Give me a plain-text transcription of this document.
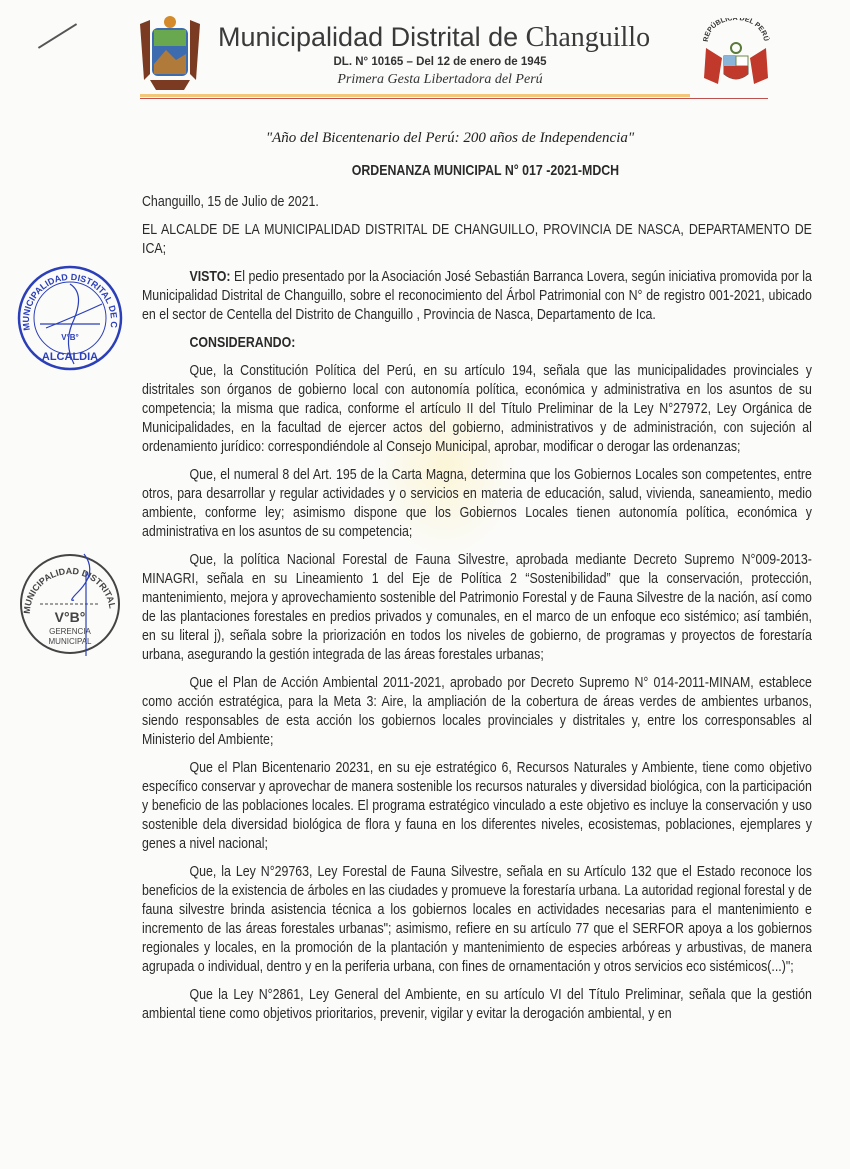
Municipalidad Distrital de Changuillo
DL. N° 10165 – Del 12 de enero de 1945
Primera Gesta Libertadora del Perú
REPÚBLICA DEL PERÚ
"Año del Bicentenario del Perú: 200 años de Independencia"

ORDENANZA MUNICIPAL N° 017 -2021-MDCH

Changuillo, 15 de Julio de 2021.

EL ALCALDE DE LA MUNICIPALIDAD DISTRITAL DE CHANGUILLO, PROVINCIA DE NASCA, DEPARTAMENTO DE ICA;

VISTO: El pedio presentado por la Asociación José Sebastián Barranca Lovera, según iniciativa promovida por la Municipalidad Distrital de Changuillo, sobre el reconocimiento del Árbol Patrimonial con N° de registro 001-2021, ubicado en el sector de Centella del Distrito de Changuillo , Provincia de Nasca, Departamento de Ica.

CONSIDERANDO:

Que, la Constitución Política del Perú, en su artículo 194, señala que las municipalidades provinciales y distritales son órganos de gobierno local con autonomía política, económica y administrativa en los asuntos de su competencia; la misma que radica, conforme el artículo II del Título Preliminar de la Ley N°27972, Ley Orgánica de Municipalidades, en la facultad de ejercer actos del gobierno, administrativos y de administración, con sujeción al ordenamiento jurídico: correspondiéndole al Consejo Municipal, aprobar, modificar o derogar las ordenanzas;

Que, el numeral 8 del Art. 195 de la Carta Magna, determina que los Gobiernos Locales son competentes, entre otros, para desarrollar y regular actividades y o servicios en materia de educación, salud, vivienda, saneamiento, medio ambiente, conforme ley; asimismo dispone que los Gobiernos Locales tienen autonomía política, económica y administrativa en los asuntos de su competencia;

Que, la política Nacional Forestal de Fauna Silvestre, aprobada mediante Decreto Supremo N°009-2013-MINAGRI, señala en su Lineamiento 1 del Eje de Política 2 “Sostenibilidad” que la conservación, protección, mantenimiento, mejora y aprovechamiento sostenible del Patrimonio Forestal y de Fauna Silvestre de la nación, así como de las plantaciones forestales en predios privados y comunales, en el marco de un enfoque eco sistémico; así también, en su literal j), señala sobre la priorización en todos los niveles de gobierno, de programas y proyectos de forestaría urbana, asegurando la gestión integrada de las áreas forestales urbanas;

Que el Plan de Acción Ambiental 2011-2021, aprobado por Decreto Supremo N° 014-2011-MINAM, establece como acción estratégica, para la Meta 3: Aire, la ampliación de la cobertura de áreas verdes de ambientes urbanos, siendo responsables de esta acción los gobiernos locales provinciales y distritales y, entre los corresponsables al Ministerio del Ambiente;

Que el Plan Bicentenario 20231, en su eje estratégico 6, Recursos Naturales y Ambiente, tiene como objetivo específico conservar y aprovechar de manera sostenible los recursos naturales y diversidad biológica, con la participación y beneficio de las poblaciones locales. El programa estratégico vinculado a este objetivo es incluye la conservación y uso sostenible dela diversidad biológica de flora y fauna en los diferentes niveles, ecosistemas, poblaciones, ejemplares y genes a nivel nacional;

Que, la Ley N°29763, Ley Forestal de Fauna Silvestre, señala en su Artículo 132 que el Estado reconoce los beneficios de la existencia de árboles en las ciudades y promueve la forestaría urbana. La autoridad regional forestal y de fauna silvestre brinda asistencia técnica a los gobiernos locales en actividades necesarias para el mantenimiento e incremento de las áreas forestales urbanas"; asimismo, refiere en su artículo 77 que el SERFOR apoya a los gobiernos regionales y locales, en la promoción de la plantación y mantenimiento de especies arbóreas y arbustivas, de manera agrupada o individual, dentro y en la periferia urbana, con fines de ornamentación y otros servicios eco sistémicos(...)";

Que la Ley N°2861, Ley General del Ambiente, en su artículo VI del Título Preliminar, señala que la gestión ambiental tiene como objetivos prioritarios, prevenir, vigilar y evitar la derogación ambiental, y en

MUNICIPALIDAD DISTRITAL DE C
V°B°
ALCALDIA
MUNICIPALIDAD DISTRITAL
V°B°
GERENCIA
MUNICIPAL
